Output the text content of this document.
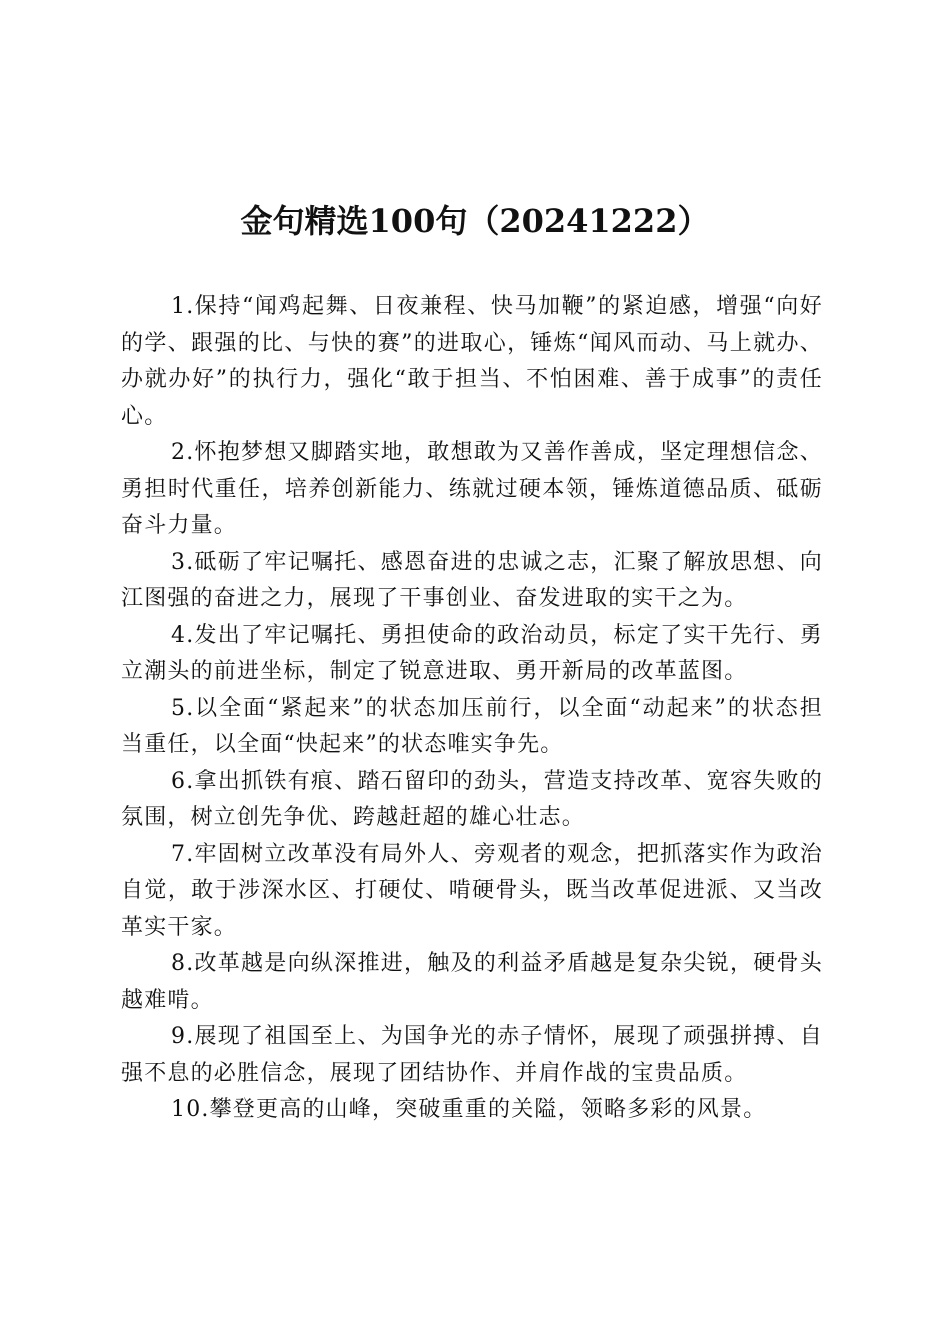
金句精选100句（20241222）

1.保持“闻鸡起舞、日夜兼程、快马加鞭”的紧迫感，增强“向好的学、跟强的比、与快的赛”的进取心，锤炼“闻风而动、马上就办、办就办好”的执行力，强化“敢于担当、不怕困难、善于成事”的责任心。

2.怀抱梦想又脚踏实地，敢想敢为又善作善成，坚定理想信念、勇担时代重任，培养创新能力、练就过硬本领，锤炼道德品质、砥砺奋斗力量。

3.砥砺了牢记嘱托、感恩奋进的忠诚之志，汇聚了解放思想、向江图强的奋进之力，展现了干事创业、奋发进取的实干之为。

4.发出了牢记嘱托、勇担使命的政治动员，标定了实干先行、勇立潮头的前进坐标，制定了锐意进取、勇开新局的改革蓝图。

5.以全面“紧起来”的状态加压前行，以全面“动起来”的状态担当重任，以全面“快起来”的状态唯实争先。

6.拿出抓铁有痕、踏石留印的劲头，营造支持改革、宽容失败的氛围，树立创先争优、跨越赶超的雄心壮志。

7.牢固树立改革没有局外人、旁观者的观念，把抓落实作为政治自觉，敢于涉深水区、打硬仗、啃硬骨头，既当改革促进派、又当改革实干家。

8.改革越是向纵深推进，触及的利益矛盾越是复杂尖锐，硬骨头越难啃。

9.展现了祖国至上、为国争光的赤子情怀，展现了顽强拼搏、自强不息的必胜信念，展现了团结协作、并肩作战的宝贵品质。

10.攀登更高的山峰，突破重重的关隘，领略多彩的风景。
